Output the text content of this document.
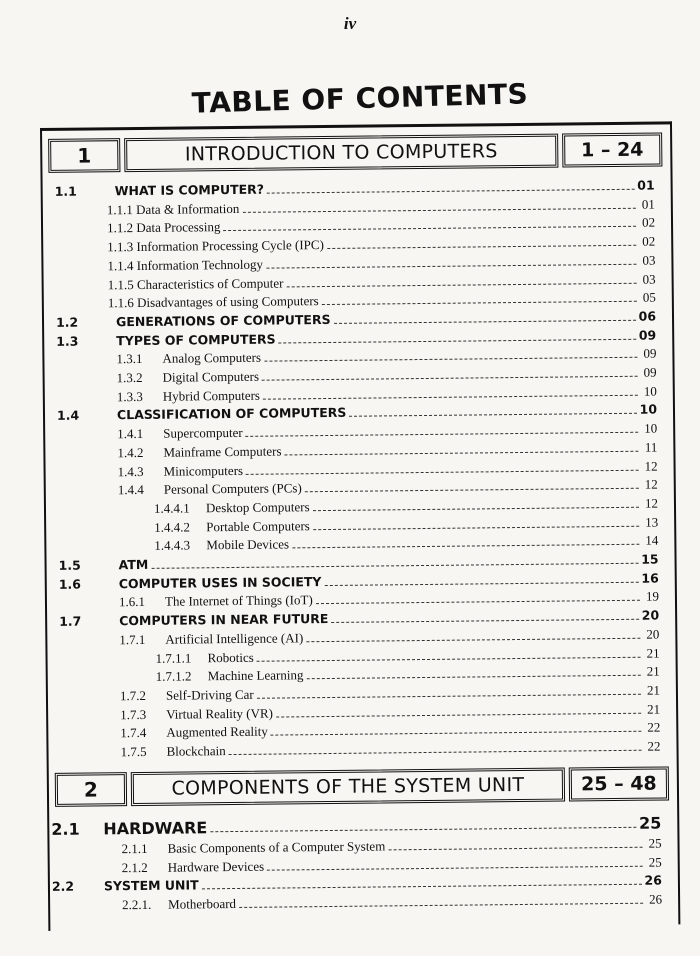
iv
TABLE OF CONTENTS
1	INTRODUCTION TO COMPUTERS	1 – 24
1.1	WHAT IS COMPUTER?	01
1.1.1 Data & Information	01
1.1.2 Data Processing	02
1.1.3 Information Processing Cycle (IPC)	02
1.1.4 Information Technology	03
1.1.5 Characteristics of Computer	03
1.1.6 Disadvantages of using Computers	05
1.2	GENERATIONS OF COMPUTERS	06
1.3	TYPES OF COMPUTERS	09
1.3.1	Analog Computers	09
1.3.2	Digital Computers	09
1.3.3	Hybrid Computers	10
1.4	CLASSIFICATION OF COMPUTERS	10
1.4.1	Supercomputer	10
1.4.2	Mainframe Computers	11
1.4.3	Minicomputers	12
1.4.4	Personal Computers (PCs)	12
1.4.4.1	Desktop Computers	12
1.4.4.2	Portable Computers	13
1.4.4.3	Mobile Devices	14
1.5	ATM	15
1.6	COMPUTER USES IN SOCIETY	16
1.6.1	The Internet of Things (IoT)	19
1.7	COMPUTERS IN NEAR FUTURE	20
1.7.1	Artificial Intelligence (AI)	20
1.7.1.1	Robotics	21
1.7.1.2	Machine Learning	21
1.7.2	Self-Driving Car	21
1.7.3	Virtual Reality (VR)	21
1.7.4	Augmented Reality	22
1.7.5	Blockchain	22
2	COMPONENTS OF THE SYSTEM UNIT	25 – 48
2.1	HARDWARE	25
2.1.1	Basic Components of a Computer System	25
2.1.2	Hardware Devices	25
2.2	SYSTEM UNIT	26
2.2.1.	Motherboard	26
